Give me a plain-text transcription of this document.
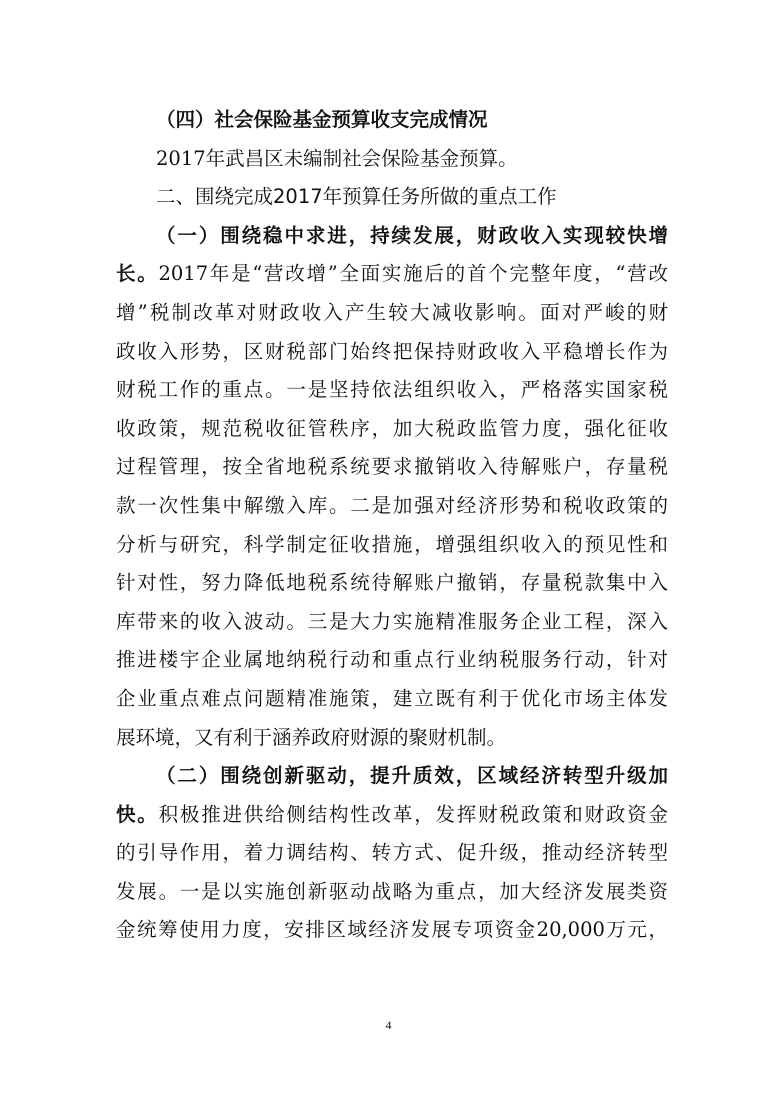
（四）社会保险基金预算收支完成情况
2017年武昌区未编制社会保险基金预算。
二、围绕完成2017年预算任务所做的重点工作
（一）围绕稳中求进，持续发展，财政收入实现较快增
长。2017年是“营改增”全面实施后的首个完整年度，“营改
增”税制改革对财政收入产生较大减收影响。面对严峻的财
政收入形势，区财税部门始终把保持财政收入平稳增长作为
财税工作的重点。一是坚持依法组织收入，严格落实国家税
收政策，规范税收征管秩序，加大税政监管力度，强化征收
过程管理，按全省地税系统要求撤销收入待解账户，存量税
款一次性集中解缴入库。二是加强对经济形势和税收政策的
分析与研究，科学制定征收措施，增强组织收入的预见性和
针对性，努力降低地税系统待解账户撤销，存量税款集中入
库带来的收入波动。三是大力实施精准服务企业工程，深入
推进楼宇企业属地纳税行动和重点行业纳税服务行动，针对
企业重点难点问题精准施策，建立既有利于优化市场主体发
展环境，又有利于涵养政府财源的聚财机制。
（二）围绕创新驱动，提升质效，区域经济转型升级加
快。积极推进供给侧结构性改革，发挥财税政策和财政资金
的引导作用，着力调结构、转方式、促升级，推动经济转型
发展。一是以实施创新驱动战略为重点，加大经济发展类资
金统筹使用力度，安排区域经济发展专项资金20,000万元，
4
